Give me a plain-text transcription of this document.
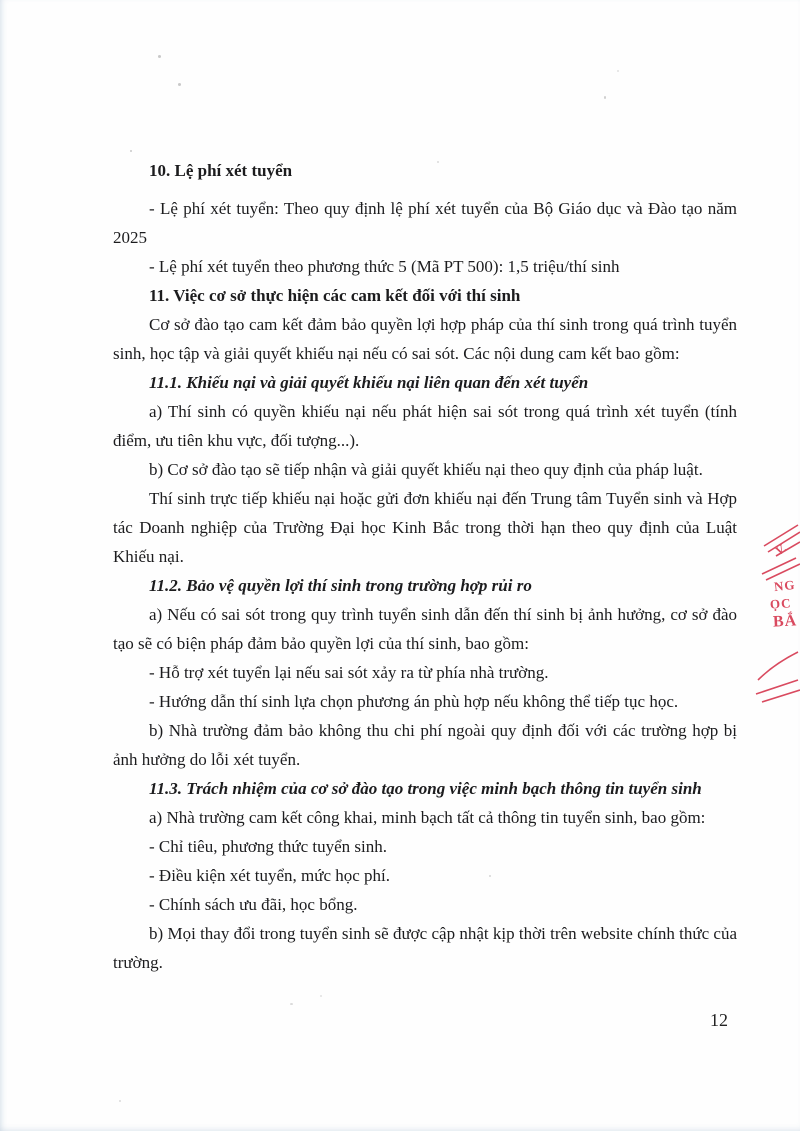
10. Lệ phí xét tuyển

- Lệ phí xét tuyển: Theo quy định lệ phí xét tuyển của Bộ Giáo dục và Đào tạo năm 2025

- Lệ phí xét tuyển theo phương thức 5 (Mã PT 500): 1,5 triệu/thí sinh

11. Việc cơ sở thực hiện các cam kết đối với thí sinh

Cơ sở đào tạo cam kết đảm bảo quyền lợi hợp pháp của thí sinh trong quá trình tuyển sinh, học tập và giải quyết khiếu nại nếu có sai sót. Các nội dung cam kết bao gồm:

11.1. Khiếu nại và giải quyết khiếu nại liên quan đến xét tuyển

a) Thí sinh có quyền khiếu nại nếu phát hiện sai sót trong quá trình xét tuyển (tính điểm, ưu tiên khu vực, đối tượng...).

b) Cơ sở đào tạo sẽ tiếp nhận và giải quyết khiếu nại theo quy định của pháp luật.

Thí sinh trực tiếp khiếu nại hoặc gửi đơn khiếu nại đến Trung tâm Tuyển sinh và Hợp tác Doanh nghiệp của Trường Đại học Kinh Bắc trong thời hạn theo quy định của Luật Khiếu nại.

11.2. Bảo vệ quyền lợi thí sinh trong trường hợp rủi ro

a) Nếu có sai sót trong quy trình tuyển sinh dẫn đến thí sinh bị ảnh hưởng, cơ sở đào tạo sẽ có biện pháp đảm bảo quyền lợi của thí sinh, bao gồm:

- Hỗ trợ xét tuyển lại nếu sai sót xảy ra từ phía nhà trường.

- Hướng dẫn thí sinh lựa chọn phương án phù hợp nếu không thể tiếp tục học.

b) Nhà trường đảm bảo không thu chi phí ngoài quy định đối với các trường hợp bị ảnh hưởng do lỗi xét tuyển.

11.3. Trách nhiệm của cơ sở đào tạo trong việc minh bạch thông tin tuyển sinh

a) Nhà trường cam kết công khai, minh bạch tất cả thông tin tuyển sinh, bao gồm:

- Chỉ tiêu, phương thức tuyển sinh.

- Điều kiện xét tuyển, mức học phí.

- Chính sách ưu đãi, học bổng.

b) Mọi thay đổi trong tuyển sinh sẽ được cập nhật kịp thời trên website chính thức của trường.

V.
NG
ỌC
BẮ
12
